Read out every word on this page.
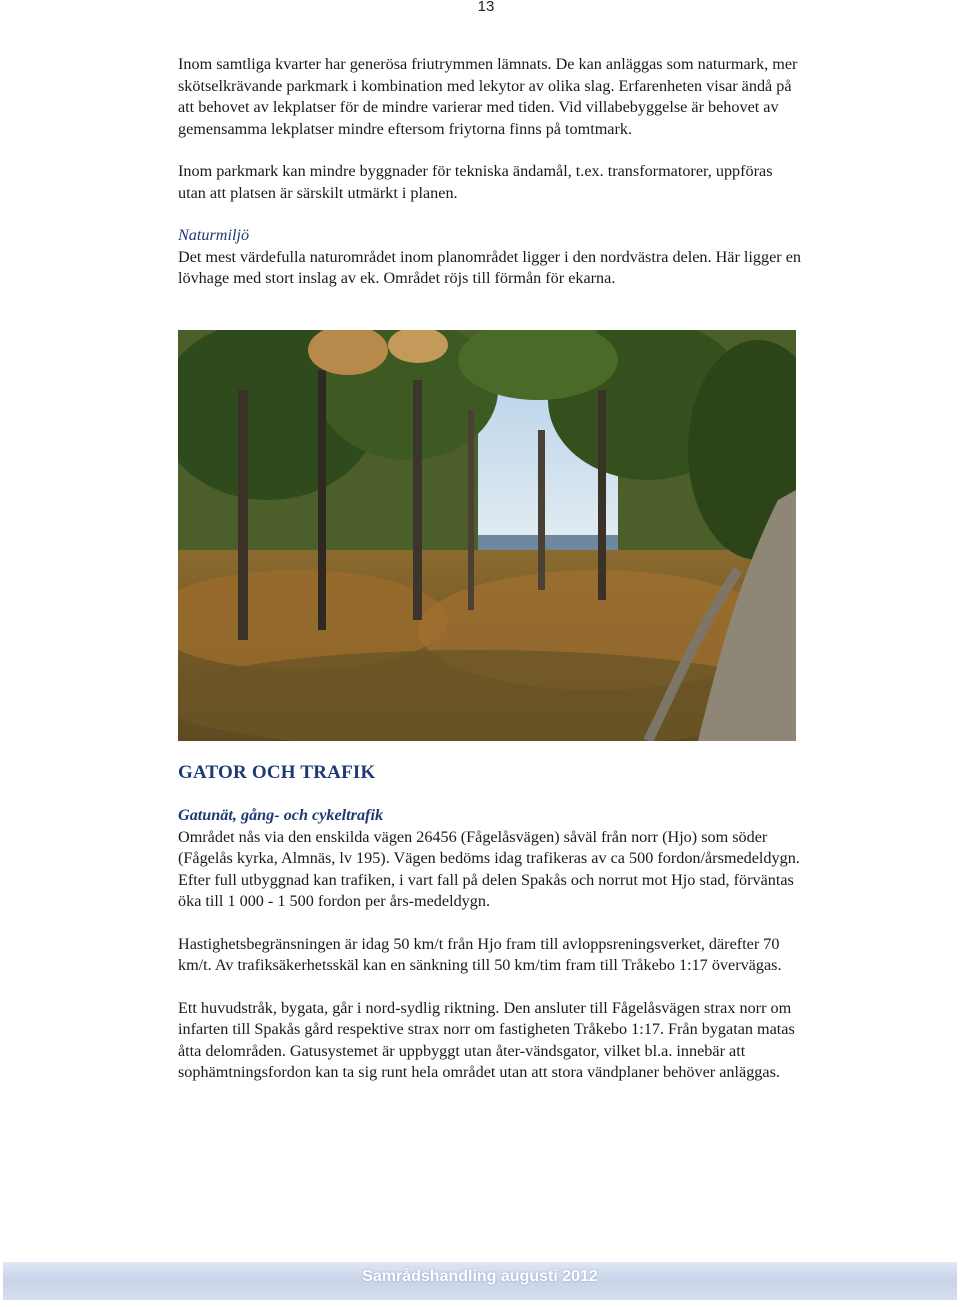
13

Inom samtliga kvarter har generösa friutrymmen lämnats. De kan anläggas som naturmark, mer skötselkrävande parkmark i kombination med lekytor av olika slag. Erfarenheten visar ändå på att behovet av lekplatser för de mindre varierar med tiden. Vid villabebyggelse är behovet av gemensamma lekplatser mindre eftersom friytorna finns på tomtmark.

Inom parkmark kan mindre byggnader för tekniska ändamål, t.ex. transformatorer, uppföras utan att platsen är särskilt utmärkt i planen.

Naturmiljö

Det mest värdefulla naturområdet inom planområdet ligger i den nordvästra delen. Här ligger en lövhage med stort inslag av ek. Området röjs till förmån för ekarna.

GATOR OCH TRAFIK

Gatunät, gång- och cykeltrafik

Området nås via den enskilda vägen 26456 (Fågelåsvägen) såväl från norr (Hjo) som söder (Fågelås kyrka, Almnäs, lv 195). Vägen bedöms idag trafikeras av ca 500 fordon/årsmedeldygn. Efter full utbyggnad kan trafiken, i vart fall på delen Spakås och norrut mot Hjo stad, förväntas öka till 1 000 - 1 500 fordon per års-medeldygn.

Hastighetsbegränsningen är idag 50 km/t från Hjo fram till avloppsreningsverket, därefter 70 km/t. Av trafiksäkerhetsskäl kan en sänkning till 50 km/tim fram till Tråkebo 1:17 övervägas.

Ett huvudstråk, bygata, går i nord-sydlig riktning. Den ansluter till Fågelåsvägen strax norr om infarten till Spakås gård respektive strax norr om fastigheten Tråkebo 1:17. Från bygatan matas åtta delområden. Gatusystemet är uppbyggt utan åter-vändsgator, vilket bl.a. innebär att sophämtningsfordon kan ta sig runt hela området utan att stora vändplaner behöver anläggas.

Samrådshandling augusti 2012
